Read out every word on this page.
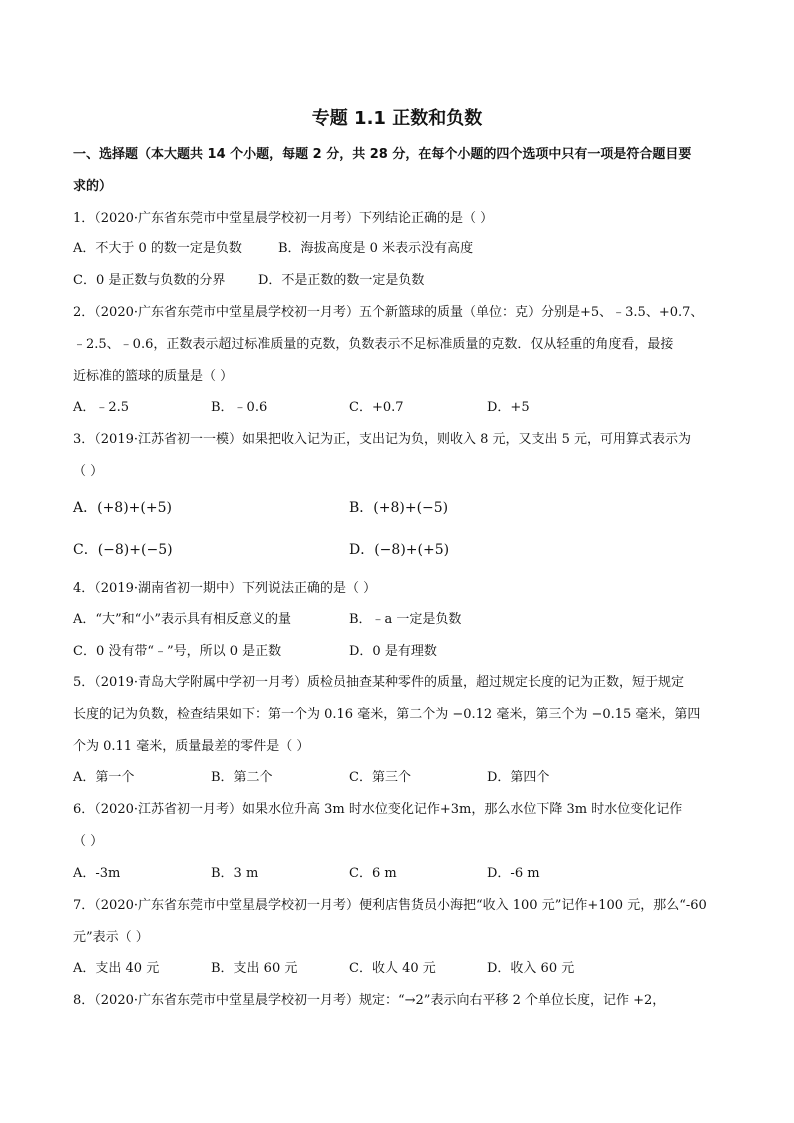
专题 1.1 正数和负数
一、选择题（本大题共 14 个小题，每题 2 分，共 28 分，在每个小题的四个选项中只有一项是符合题目要
求的）
1．（2020·广东省东莞市中堂星晨学校初一月考）下列结论正确的是（ ）
A．不大于 0 的数一定是负数	B．海拔高度是 0 米表示没有高度
C．0 是正数与负数的分界	D．不是正数的数一定是负数
2．（2020·广东省东莞市中堂星晨学校初一月考）五个新篮球的质量（单位：克）分别是+5、﹣3.5、+0.7、
﹣2.5、﹣0.6，正数表示超过标准质量的克数，负数表示不足标准质量的克数．仅从轻重的角度看，最接
近标准的篮球的质量是（ ）
A．﹣2.5	B．﹣0.6	C．+0.7	D．+5
3．（2019·江苏省初一一模）如果把收入记为正，支出记为负，则收入 8 元，又支出 5 元，可用算式表示为
（ ）
A．(+8)+(+5)	B．(+8)+(−5)
C．(−8)+(−5)	D．(−8)+(+5)
4．（2019·湖南省初一期中）下列说法正确的是（ ）
A．“大”和“小”表示具有相反意义的量	B．﹣a 一定是负数
C．0 没有带“﹣”号，所以 0 是正数	D．0 是有理数
5．（2019·青岛大学附属中学初一月考）质检员抽查某种零件的质量，超过规定长度的记为正数，短于规定
长度的记为负数，检查结果如下：第一个为 0.16 毫米，第二个为 −0.12 毫米，第三个为 −0.15 毫米，第四
个为 0.11 毫米，质量最差的零件是（ ）
A．第一个	B．第二个	C．第三个	D．第四个
6．（2020·江苏省初一月考）如果水位升高 3m 时水位变化记作+3m，那么水位下降 3m 时水位变化记作
（ ）
A．-3m	B．3 m	C．6 m	D．-6 m
7．（2020·广东省东莞市中堂星晨学校初一月考）便利店售货员小海把“收入 100 元”记作+100 元，那么“-60
元”表示（ ）
A．支出 40 元	B．支出 60 元	C．收人 40 元	D．收入 60 元
8．（2020·广东省东莞市中堂星晨学校初一月考）规定：“→2”表示向右平移 2 个单位长度，记作 +2，
